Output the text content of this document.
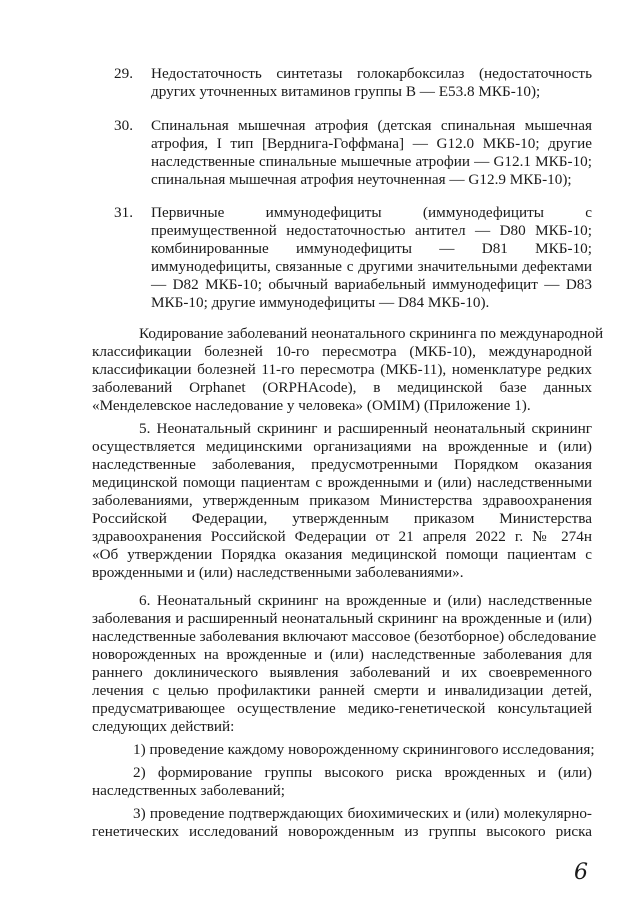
29. Недостаточность синтетазы голокарбоксилаз (недостаточность
других уточненных витаминов группы В — E53.8 МКБ-10);
30. Спинальная мышечная атрофия (детская спинальная мышечная
атрофия, I тип [Верднига-Гоффмана] — G12.0 МКБ-10; другие
наследственные спинальные мышечные атрофии — G12.1 МКБ-10;
спинальная мышечная атрофия неуточненная — G12.9 МКБ-10);
31. Первичные иммунодефициты (иммунодефициты с
преимущественной недостаточностью антител — D80 МКБ-10;
комбинированные иммунодефициты — D81 МКБ-10;
иммунодефициты, связанные с другими значительными дефектами
— D82 МКБ-10; обычный вариабельный иммунодефицит — D83
МКБ-10; другие иммунодефициты — D84 МКБ-10).
Кодирование заболеваний неонатального скрининга по международной
классификации болезней 10-го пересмотра (МКБ-10), международной
классификации болезней 11-го пересмотра (МКБ-11), номенклатуре редких
заболеваний Orphanet (ORPHAcode), в медицинской базе данных
«Менделевское наследование у человека» (OMIM) (Приложение 1).
5. Неонатальный скрининг и расширенный неонатальный скрининг
осуществляется медицинскими организациями на врожденные и (или)
наследственные заболевания, предусмотренными Порядком оказания
медицинской помощи пациентам с врожденными и (или) наследственными
заболеваниями, утвержденным приказом Министерства здравоохранения
Российской Федерации, утвержденным приказом Министерства
здравоохранения Российской Федерации от 21 апреля 2022 г. № 274н
«Об утверждении Порядка оказания медицинской помощи пациентам с
врожденными и (или) наследственными заболеваниями».
6. Неонатальный скрининг на врожденные и (или) наследственные
заболевания и расширенный неонатальный скрининг на врожденные и (или)
наследственные заболевания включают массовое (безотборное) обследование
новорожденных на врожденные и (или) наследственные заболевания для
раннего доклинического выявления заболеваний и их своевременного
лечения с целью профилактики ранней смерти и инвалидизации детей,
предусматривающее осуществление медико-генетической консультацией
следующих действий:
1) проведение каждому новорожденному скринингового исследования;
2) формирование группы высокого риска врожденных и (или)
наследственных заболеваний;
3) проведение подтверждающих биохимических и (или) молекулярно-
генетических исследований новорожденным из группы высокого риска
6
